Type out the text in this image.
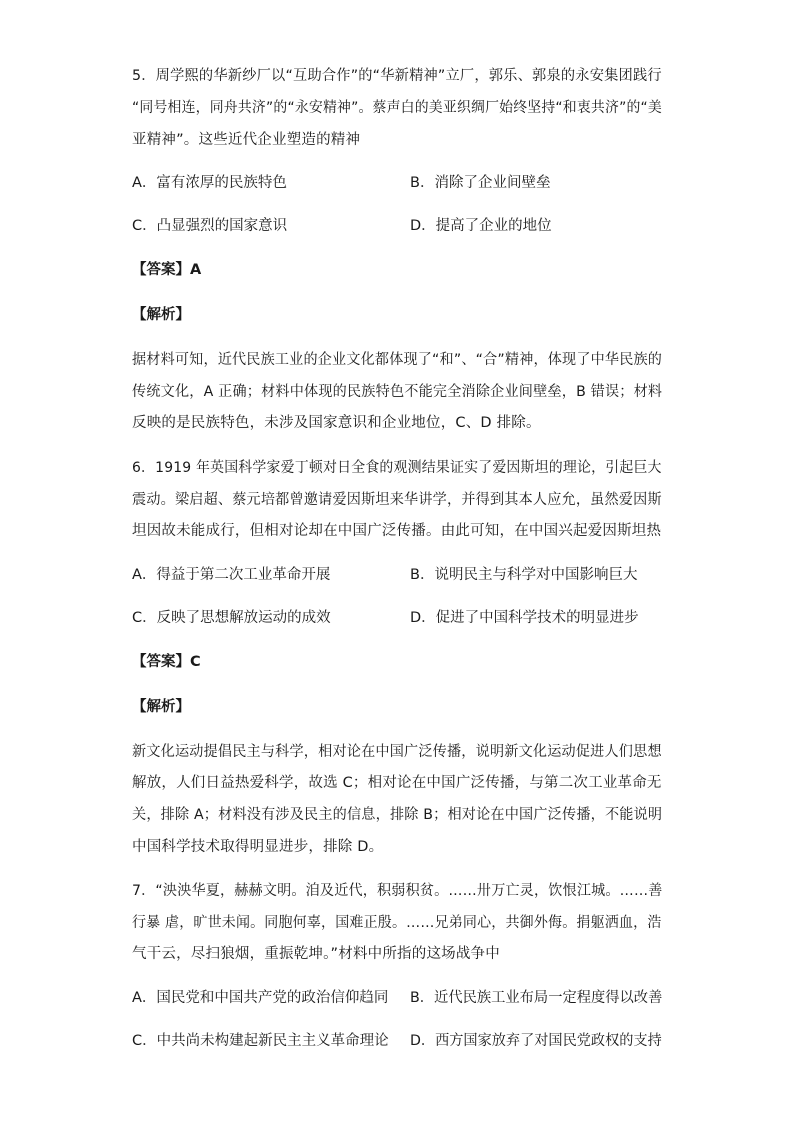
5．周学熙的华新纱厂以“互助合作”的“华新精神”立厂，郭乐、郭泉的永安集团践行
“同号相连，同舟共济”的“永安精神”。蔡声白的美亚织绸厂始终坚持“和衷共济”的“美
亚精神”。这些近代企业塑造的精神
A．富有浓厚的民族特色	B．消除了企业间壁垒
C．凸显强烈的国家意识	D．提高了企业的地位
【答案】A
【解析】
据材料可知，近代民族工业的企业文化都体现了“和”、“合”精神，体现了中华民族的
传统文化，A 正确；材料中体现的民族特色不能完全消除企业间壁垒，B 错误；材料
反映的是民族特色，未涉及国家意识和企业地位，C、D 排除。
6．1919 年英国科学家爱丁顿对日全食的观测结果证实了爱因斯坦的理论，引起巨大
震动。梁启超、蔡元培都曾邀请爱因斯坦来华讲学，并得到其本人应允，虽然爱因斯
坦因故未能成行，但相对论却在中国广泛传播。由此可知，在中国兴起爱因斯坦热
A．得益于第二次工业革命开展	B．说明民主与科学对中国影响巨大
C．反映了思想解放运动的成效	D．促进了中国科学技术的明显进步
【答案】C
【解析】
新文化运动提倡民主与科学，相对论在中国广泛传播，说明新文化运动促进人们思想
解放，人们日益热爱科学，故选 C；相对论在中国广泛传播，与第二次工业革命无
关，排除 A；材料没有涉及民主的信息，排除 B；相对论在中国广泛传播，不能说明
中国科学技术取得明显进步，排除 D。
7．“泱泱华夏，赫赫文明。洎及近代，积弱积贫。……卅万亡灵，饮恨江城。……善
行暴 虐，旷世未闻。同胞何辜，国难正殷。……兄弟同心，共御外侮。捐躯洒血，浩
气干云，尽扫狼烟，重振乾坤。”材料中所指的这场战争中
A．国民党和中国共产党的政治信仰趋同 B．近代民族工业布局一定程度得以改善
C．中共尚未构建起新民主主义革命理论 D．西方国家放弃了对国民党政权的支持
